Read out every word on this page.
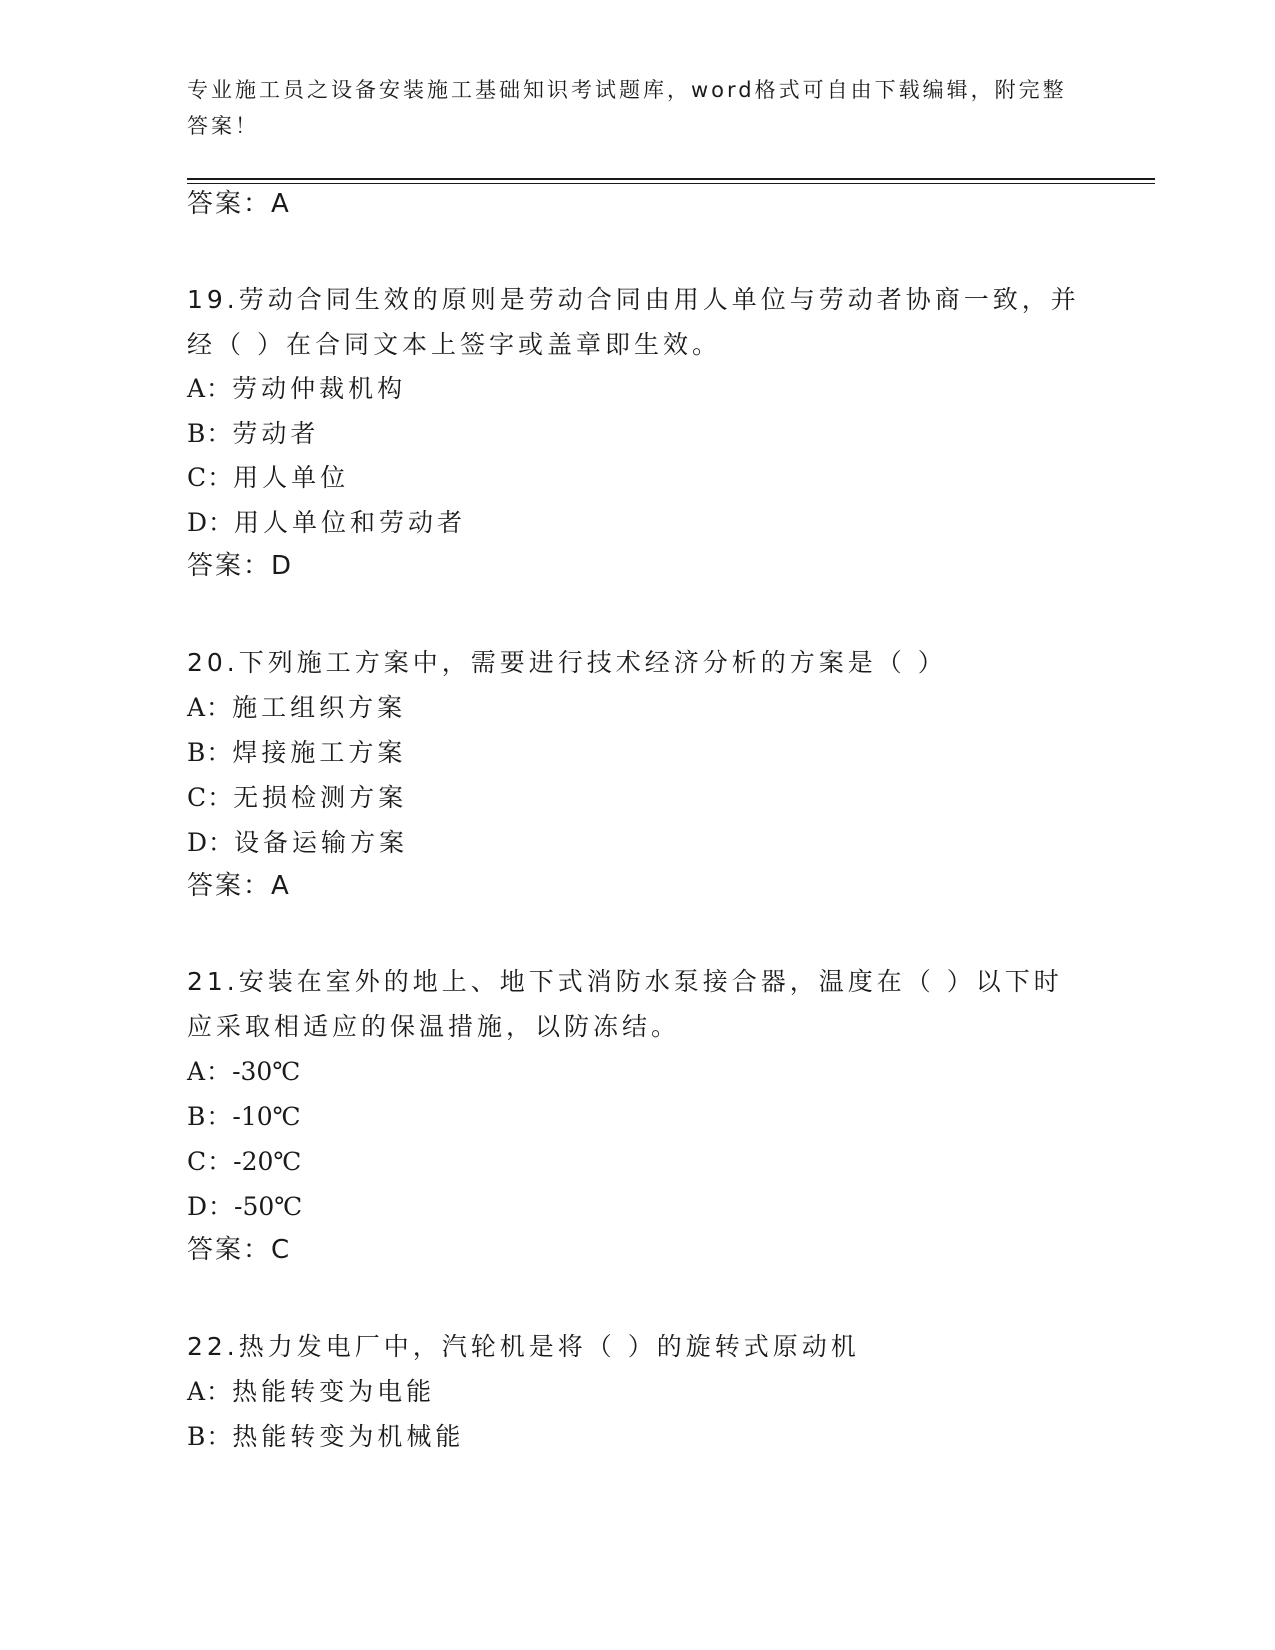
专业施工员之设备安装施工基础知识考试题库，word格式可自由下载编辑，附完整答案！
答案：A
19.劳动合同生效的原则是劳动合同由用人单位与劳动者协商一致，并
经（ ）在合同文本上签字或盖章即生效。
A：劳动仲裁机构
B：劳动者
C：用人单位
D：用人单位和劳动者
答案：D
20.下列施工方案中，需要进行技术经济分析的方案是（ ）
A：施工组织方案
B：焊接施工方案
C：无损检测方案
D：设备运输方案
答案：A
21.安装在室外的地上、地下式消防水泵接合器，温度在（ ）以下时
应采取相适应的保温措施，以防冻结。
A：-30℃
B：-10℃
C：-20℃
D：-50℃
答案：C
22.热力发电厂中，汽轮机是将（ ）的旋转式原动机
A：热能转变为电能
B：热能转变为机械能
